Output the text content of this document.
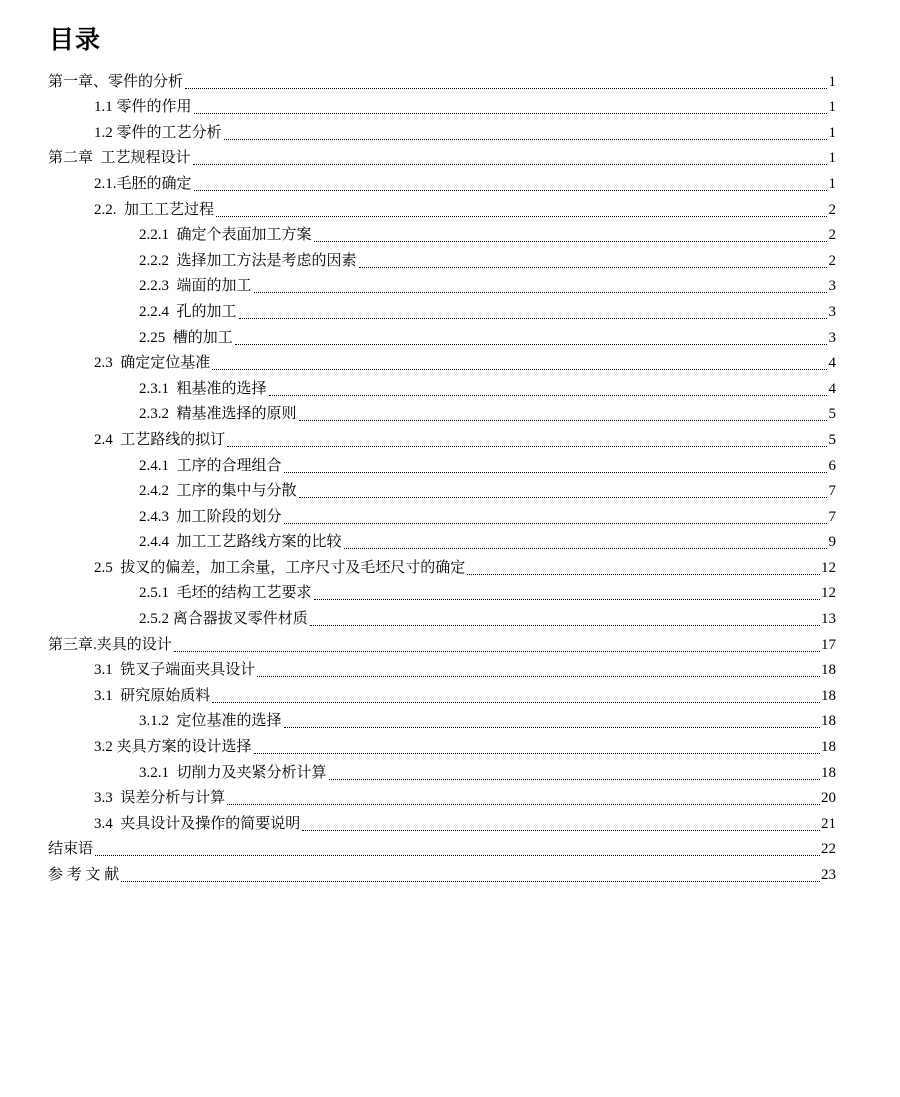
目录
第一章、零件的分析	1
1.1 零件的作用	1
1.2 零件的工艺分析	1
第二章  工艺规程设计	1
2.1.毛胚的确定	1
2.2.  加工工艺过程	2
2.2.1  确定个表面加工方案	2
2.2.2  选择加工方法是考虑的因素	2
2.2.3  端面的加工	3
2.2.4  孔的加工	3
2.25  槽的加工	3
2.3  确定定位基准	4
2.3.1  粗基准的选择	4
2.3.2  精基准选择的原则	5
2.4  工艺路线的拟订	5
2.4.1  工序的合理组合	6
2.4.2  工序的集中与分散	7
2.4.3  加工阶段的划分	7
2.4.4  加工工艺路线方案的比较	9
2.5  拔叉的偏差，加工余量，工序尺寸及毛坯尺寸的确定	12
2.5.1  毛坯的结构工艺要求	12
2.5.2 离合器拔叉零件材质	13
第三章.夹具的设计	17
3.1  铣叉子端面夹具设计	18
3.1  研究原始质料	18
3.1.2  定位基准的选择	18
3.2 夹具方案的设计选择	18
3.2.1  切削力及夹紧分析计算	18
3.3  误差分析与计算	20
3.4  夹具设计及操作的简要说明	21
结束语	22
参 考 文 献	23
